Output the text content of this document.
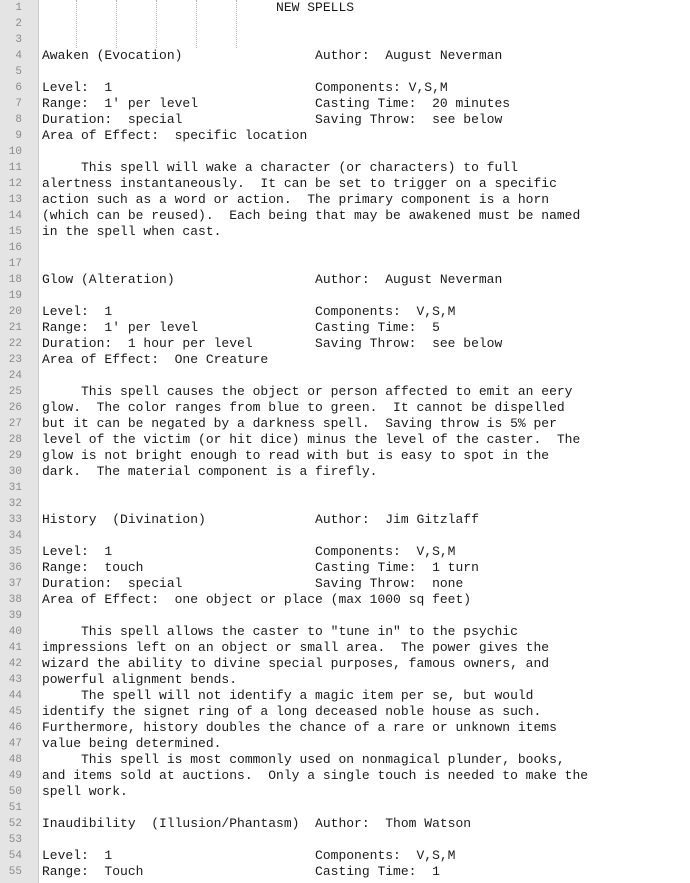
1 NEW SPELLS
2
3
4 Awaken (Evocation)                 Author:  August Neverman
5
6 Level:  1                          Components: V,S,M
7 Range:  1' per level               Casting Time:  20 minutes
8 Duration:  special                 Saving Throw:  see below
9 Area of Effect:  specific location
10
11 This spell will wake a character (or characters) to full
12 alertness instantaneously.  It can be set to trigger on a specific
13 action such as a word or action.  The primary component is a horn
14 (which can be reused).  Each being that may be awakened must be named
15 in the spell when cast.
16
17
18 Glow (Alteration)                  Author:  August Neverman
19
20 Level:  1                          Components:  V,S,M
21 Range:  1' per level               Casting Time:  5
22 Duration:  1 hour per level        Saving Throw:  see below
23 Area of Effect:  One Creature
24
25 This spell causes the object or person affected to emit an eery
26 glow.  The color ranges from blue to green.  It cannot be dispelled
27 but it can be negated by a darkness spell.  Saving throw is 5% per
28 level of the victim (or hit dice) minus the level of the caster.  The
29 glow is not bright enough to read with but is easy to spot in the
30 dark.  The material component is a firefly.
31
32
33 History  (Divination)              Author:  Jim Gitzlaff
34
35 Level:  1                          Components:  V,S,M
36 Range:  touch                      Casting Time:  1 turn
37 Duration:  special                 Saving Throw:  none
38 Area of Effect:  one object or place (max 1000 sq feet)
39
40 This spell allows the caster to "tune in" to the psychic
41 impressions left on an object or small area.  The power gives the
42 wizard the ability to divine special purposes, famous owners, and
43 powerful alignment bends.
44 The spell will not identify a magic item per se, but would
45 identify the signet ring of a long deceased noble house as such.
46 Furthermore, history doubles the chance of a rare or unknown items
47 value being determined.
48 This spell is most commonly used on nonmagical plunder, books,
49 and items sold at auctions.  Only a single touch is needed to make the
50 spell work.
51
52 Inaudibility  (Illusion/Phantasm)  Author:  Thom Watson
53
54 Level:  1                          Components:  V,S,M
55 Range:  Touch                      Casting Time:  1
